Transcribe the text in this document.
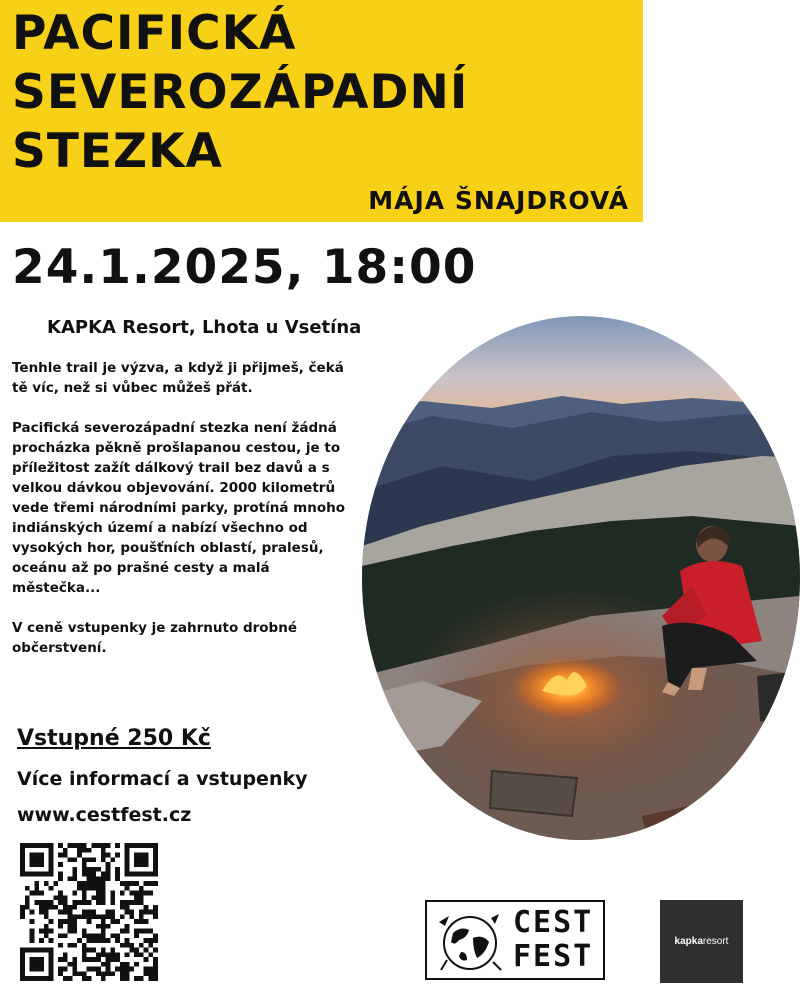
PACIFICKÁ
SEVEROZÁPADNÍ
STEZKA
MÁJA ŠNAJDROVÁ
24.1.2025, 18:00
KAPKA Resort, Lhota u Vsetína

Tenhle trail je výzva, a když ji přijmeš, čeká tě víc, než si vůbec můžeš přát.

Pacifická severozápadní stezka není žádná procházka pěkně prošlapanou cestou, je to příležitost zažít dálkový trail bez davů a s velkou dávkou objevování. 2000 kilometrů vede třemi národními parky, protíná mnoho indiánských území a nabízí všechno od vysokých hor, poušťních oblastí, pralesů, oceánu až po prašné cesty a malá městečka...

V ceně vstupenky je zahrnuto drobné občerstvení.

Vstupné 250 Kč
Více informací a vstupenky
www.cestfest.cz
CEST
FEST	kapka resort
